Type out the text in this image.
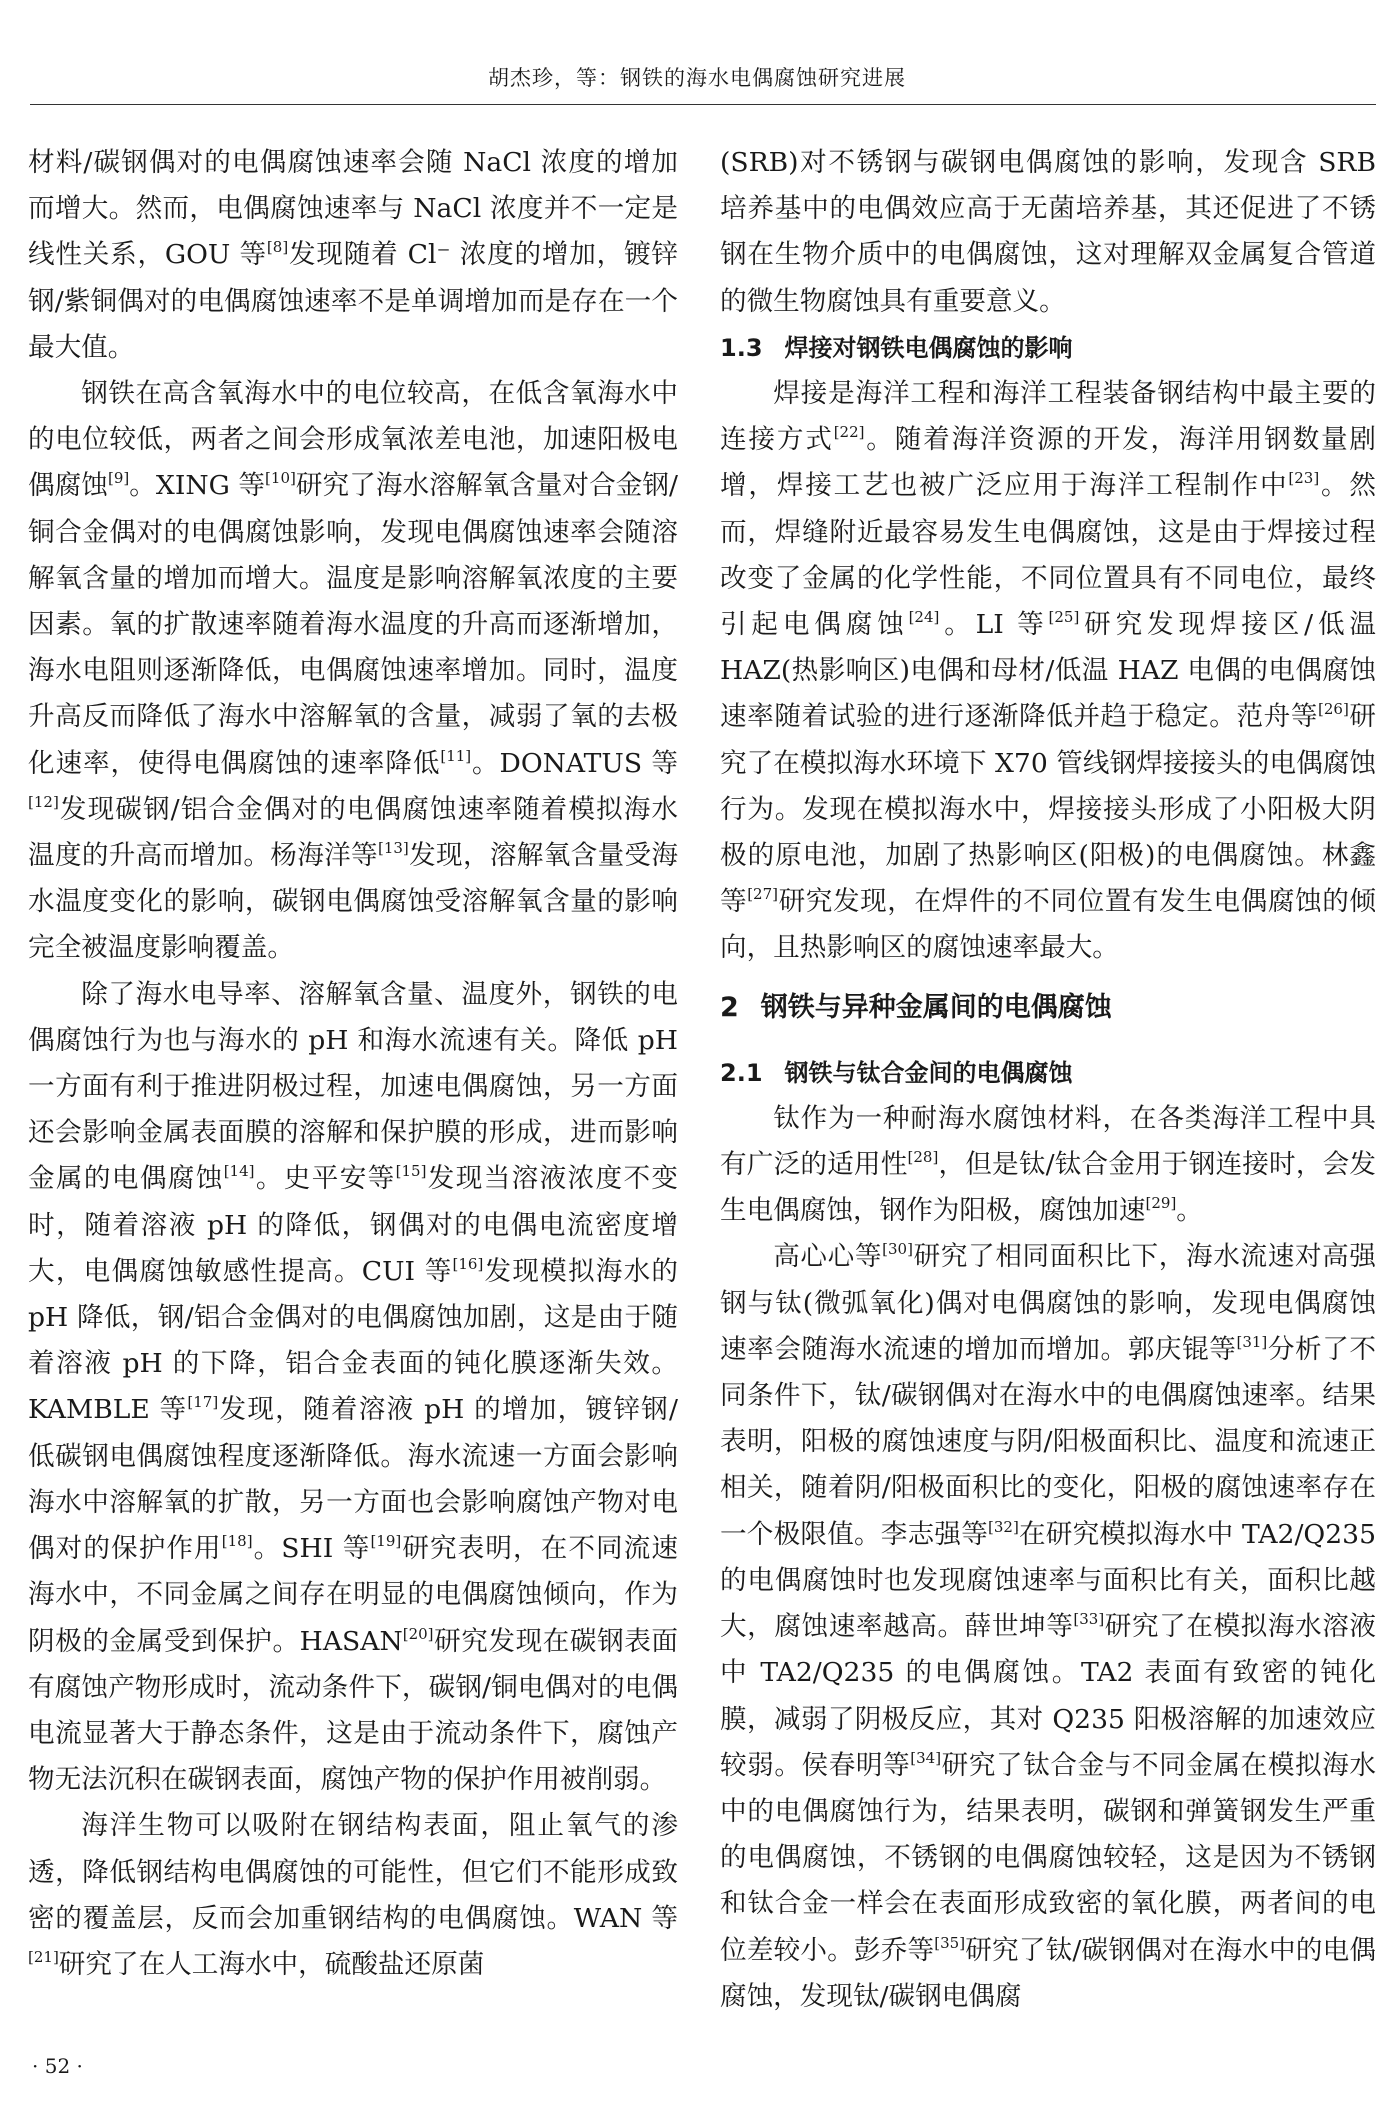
胡杰珍，等：钢铁的海水电偶腐蚀研究进展

材料/碳钢偶对的电偶腐蚀速率会随 NaCl 浓度的增加而增大。然而，电偶腐蚀速率与 NaCl 浓度并不一定是线性关系，GOU 等[8]发现随着 Cl⁻ 浓度的增加，镀锌钢/紫铜偶对的电偶腐蚀速率不是单调增加而是存在一个最大值。

钢铁在高含氧海水中的电位较高，在低含氧海水中的电位较低，两者之间会形成氧浓差电池，加速阳极电偶腐蚀[9]。XING 等[10]研究了海水溶解氧含量对合金钢/铜合金偶对的电偶腐蚀影响，发现电偶腐蚀速率会随溶解氧含量的增加而增大。温度是影响溶解氧浓度的主要因素。氧的扩散速率随着海水温度的升高而逐渐增加，海水电阻则逐渐降低，电偶腐蚀速率增加。同时，温度升高反而降低了海水中溶解氧的含量，减弱了氧的去极化速率，使得电偶腐蚀的速率降低[11]。DONATUS 等[12]发现碳钢/铝合金偶对的电偶腐蚀速率随着模拟海水温度的升高而增加。杨海洋等[13]发现，溶解氧含量受海水温度变化的影响，碳钢电偶腐蚀受溶解氧含量的影响完全被温度影响覆盖。

除了海水电导率、溶解氧含量、温度外，钢铁的电偶腐蚀行为也与海水的 pH 和海水流速有关。降低 pH 一方面有利于推进阴极过程，加速电偶腐蚀，另一方面还会影响金属表面膜的溶解和保护膜的形成，进而影响金属的电偶腐蚀[14]。史平安等[15]发现当溶液浓度不变时，随着溶液 pH 的降低，钢偶对的电偶电流密度增大，电偶腐蚀敏感性提高。CUI 等[16]发现模拟海水的 pH 降低，钢/铝合金偶对的电偶腐蚀加剧，这是由于随着溶液 pH 的下降，铝合金表面的钝化膜逐渐失效。KAMBLE 等[17]发现，随着溶液 pH 的增加，镀锌钢/低碳钢电偶腐蚀程度逐渐降低。海水流速一方面会影响海水中溶解氧的扩散，另一方面也会影响腐蚀产物对电偶对的保护作用[18]。SHI 等[19]研究表明，在不同流速海水中，不同金属之间存在明显的电偶腐蚀倾向，作为阴极的金属受到保护。HASAN[20]研究发现在碳钢表面有腐蚀产物形成时，流动条件下，碳钢/铜电偶对的电偶电流显著大于静态条件，这是由于流动条件下，腐蚀产物无法沉积在碳钢表面，腐蚀产物的保护作用被削弱。

海洋生物可以吸附在钢结构表面，阻止氧气的渗透，降低钢结构电偶腐蚀的可能性，但它们不能形成致密的覆盖层，反而会加重钢结构的电偶腐蚀。WAN 等[21]研究了在人工海水中，硫酸盐还原菌

(SRB)对不锈钢与碳钢电偶腐蚀的影响，发现含 SRB 培养基中的电偶效应高于无菌培养基，其还促进了不锈钢在生物介质中的电偶腐蚀，这对理解双金属复合管道的微生物腐蚀具有重要意义。

1.3 焊接对钢铁电偶腐蚀的影响

焊接是海洋工程和海洋工程装备钢结构中最主要的连接方式[22]。随着海洋资源的开发，海洋用钢数量剧增，焊接工艺也被广泛应用于海洋工程制作中[23]。然而，焊缝附近最容易发生电偶腐蚀，这是由于焊接过程改变了金属的化学性能，不同位置具有不同电位，最终引起电偶腐蚀[24]。LI 等[25]研究发现焊接区/低温 HAZ(热影响区)电偶和母材/低温 HAZ 电偶的电偶腐蚀速率随着试验的进行逐渐降低并趋于稳定。范舟等[26]研究了在模拟海水环境下 X70 管线钢焊接接头的电偶腐蚀行为。发现在模拟海水中，焊接接头形成了小阳极大阴极的原电池，加剧了热影响区(阳极)的电偶腐蚀。林鑫等[27]研究发现，在焊件的不同位置有发生电偶腐蚀的倾向，且热影响区的腐蚀速率最大。

2 钢铁与异种金属间的电偶腐蚀
2.1 钢铁与钛合金间的电偶腐蚀

钛作为一种耐海水腐蚀材料，在各类海洋工程中具有广泛的适用性[28]，但是钛/钛合金用于钢连接时，会发生电偶腐蚀，钢作为阳极，腐蚀加速[29]。

高心心等[30]研究了相同面积比下，海水流速对高强钢与钛(微弧氧化)偶对电偶腐蚀的影响，发现电偶腐蚀速率会随海水流速的增加而增加。郭庆锟等[31]分析了不同条件下，钛/碳钢偶对在海水中的电偶腐蚀速率。结果表明，阳极的腐蚀速度与阴/阳极面积比、温度和流速正相关，随着阴/阳极面积比的变化，阳极的腐蚀速率存在一个极限值。李志强等[32]在研究模拟海水中 TA2/Q235 的电偶腐蚀时也发现腐蚀速率与面积比有关，面积比越大，腐蚀速率越高。薛世坤等[33]研究了在模拟海水溶液中 TA2/Q235 的电偶腐蚀。TA2 表面有致密的钝化膜，减弱了阴极反应，其对 Q235 阳极溶解的加速效应较弱。侯春明等[34]研究了钛合金与不同金属在模拟海水中的电偶腐蚀行为，结果表明，碳钢和弹簧钢发生严重的电偶腐蚀，不锈钢的电偶腐蚀较轻，这是因为不锈钢和钛合金一样会在表面形成致密的氧化膜，两者间的电位差较小。彭乔等[35]研究了钛/碳钢偶对在海水中的电偶腐蚀，发现钛/碳钢电偶腐

· 52 ·
